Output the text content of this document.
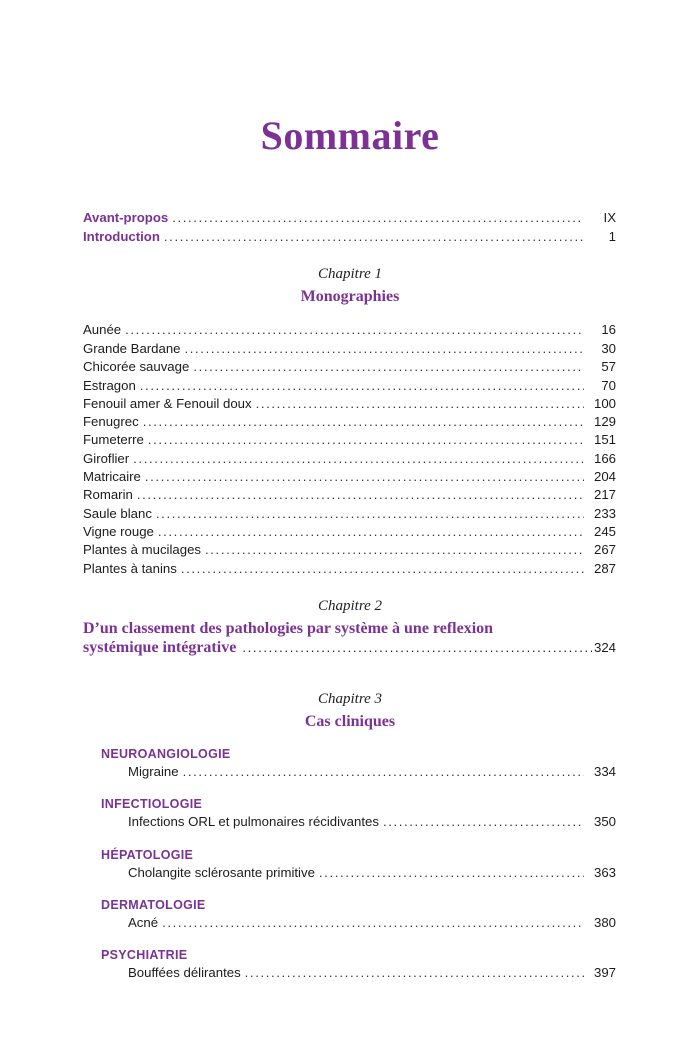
Sommaire
Avant-propos .....	IX
Introduction .....	1
Chapitre 1
Monographies
Aunée .....	16
Grande Bardane .....	30
Chicorée sauvage .....	57
Estragon .....	70
Fenouil amer & Fenouil doux .....	100
Fenugrec .....	129
Fumeterre .....	151
Giroflier .....	166
Matricaire .....	204
Romarin .....	217
Saule blanc .....	233
Vigne rouge .....	245
Plantes à mucilages .....	267
Plantes à tanins .....	287
Chapitre 2
D’un classement des pathologies par système à une reflexion
systémique intégrative .....	324
Chapitre 3
Cas cliniques
NEUROANGIOLOGIE
Migraine .....	334
INFECTIOLOGIE
Infections ORL et pulmonaires récidivantes .....	350
HÉPATOLOGIE
Cholangite sclérosante primitive .....	363
DERMATOLOGIE
Acné .....	380
PSYCHIATRIE
Bouffées délirantes .....	397
